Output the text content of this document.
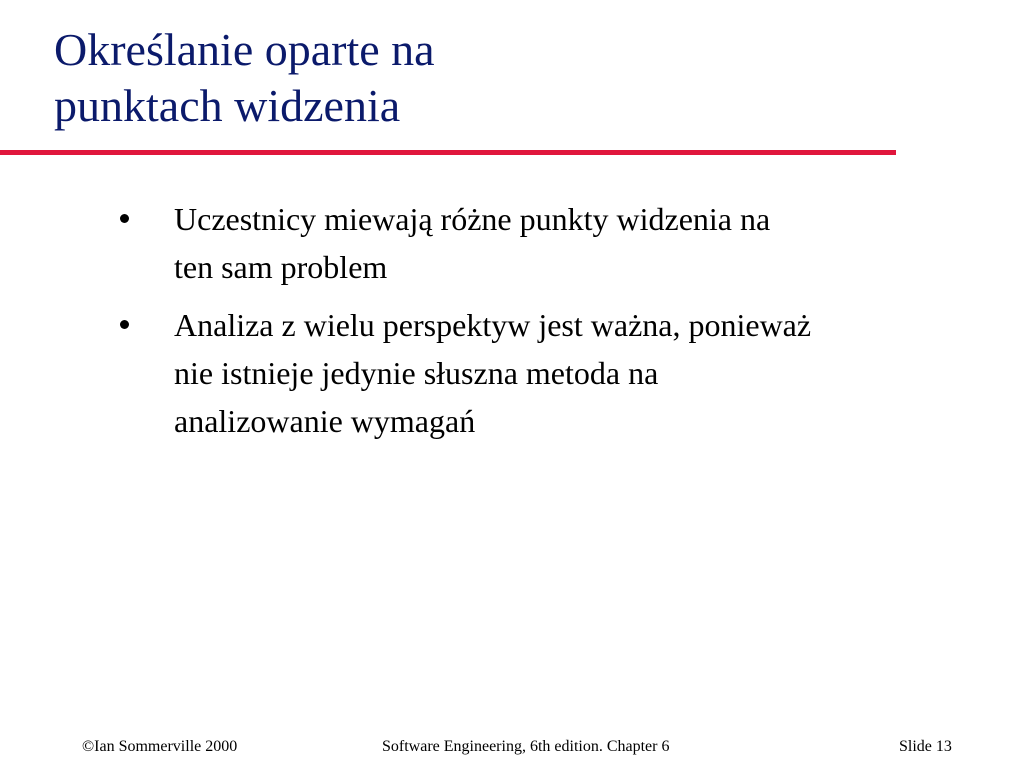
Określanie oparte na
punktach widzenia
Uczestnicy miewają różne punkty widzenia na
ten sam problem
Analiza z wielu perspektyw jest ważna, ponieważ
nie istnieje jedynie słuszna metoda na
analizowanie wymagań
©Ian Sommerville 2000	Software Engineering, 6th edition. Chapter 6	Slide 13
